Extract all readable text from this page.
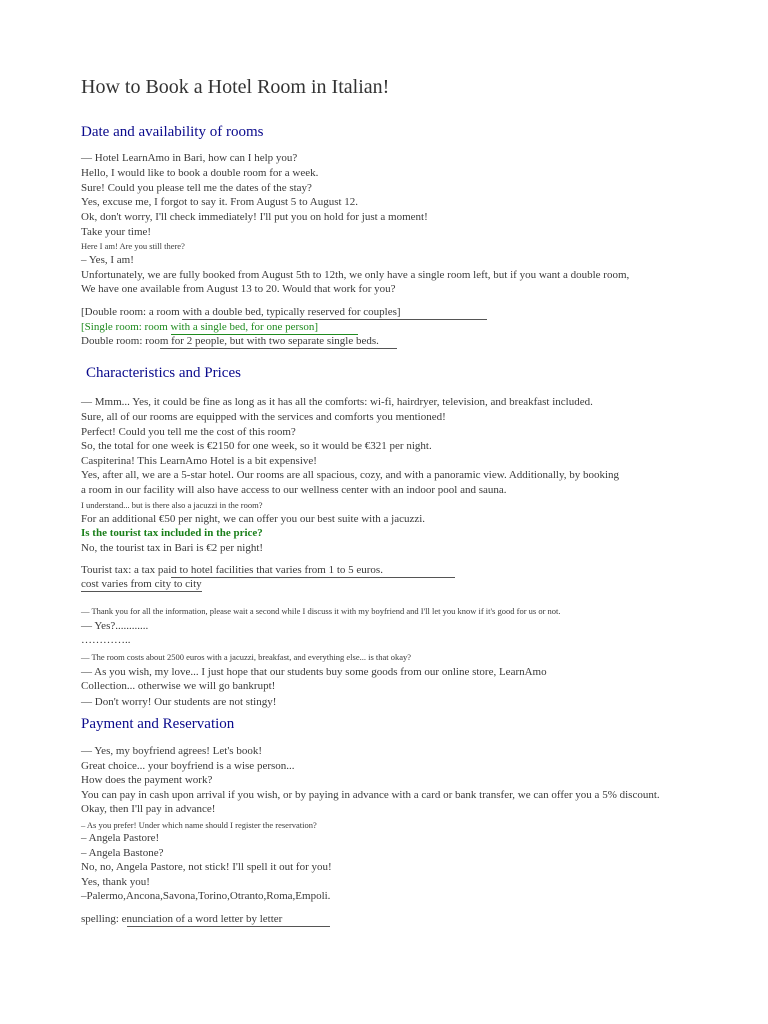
How to Book a Hotel Room in Italian!
Date and availability of rooms

— Hotel LearnAmo in Bari, how can I help you?

Hello, I would like to book a double room for a week.

Sure! Could you please tell me the dates of the stay?

Yes, excuse me, I forgot to say it. From August 5 to August 12.

Ok, don't worry, I'll check immediately! I'll put you on hold for just a moment!

Take your time!

Here I am! Are you still there?

– Yes, I am!

Unfortunately, we are fully booked from August 5th to 12th, we only have a single room left, but if you want a double room,

We have one available from August 13 to 20. Would that work for you?

[Double room: a room with a double bed, typically reserved for couples]

[Single room: room with a single bed, for one person]

Double room: room for 2 people, but with two separate single beds.

Characteristics and Prices

— Mmm... Yes, it could be fine as long as it has all the comforts: wi-fi, hairdryer, television, and breakfast included.

Sure, all of our rooms are equipped with the services and comforts you mentioned!

Perfect! Could you tell me the cost of this room?

So, the total for one week is €2150 for one week, so it would be €321 per night.

Caspiterina! This LearnAmo Hotel is a bit expensive!

Yes, after all, we are a 5-star hotel. Our rooms are all spacious, cozy, and with a panoramic view. Additionally, by booking

a room in our facility will also have access to our wellness center with an indoor pool and sauna.

I understand... but is there also a jacuzzi in the room?

For an additional €50 per night, we can offer you our best suite with a jacuzzi.

Is the tourist tax included in the price?

No, the tourist tax in Bari is €2 per night!

Tourist tax: a tax paid to hotel facilities that varies from 1 to 5 euros.

cost varies from city to city

— Thank you for all the information, please wait a second while I discuss it with my boyfriend and I'll let you know if it's good for us or not.

— Yes?............

…………..

— The room costs about 2500 euros with a jacuzzi, breakfast, and everything else... is that okay?

— As you wish, my love... I just hope that our students buy some goods from our online store, LearnAmo

Collection... otherwise we will go bankrupt!

— Don't worry! Our students are not stingy!

Payment and Reservation

— Yes, my boyfriend agrees! Let's book!

Great choice... your boyfriend is a wise person...

How does the payment work?

You can pay in cash upon arrival if you wish, or by paying in advance with a card or bank transfer, we can offer you a 5% discount.

Okay, then I'll pay in advance!

– As you prefer! Under which name should I register the reservation?

– Angela Pastore!

– Angela Bastone?

No, no, Angela Pastore, not stick! I'll spell it out for you!

Yes, thank you!

–Palermo,Ancona,Savona,Torino,Otranto,Roma,Empoli.

spelling: enunciation of a word letter by letter
